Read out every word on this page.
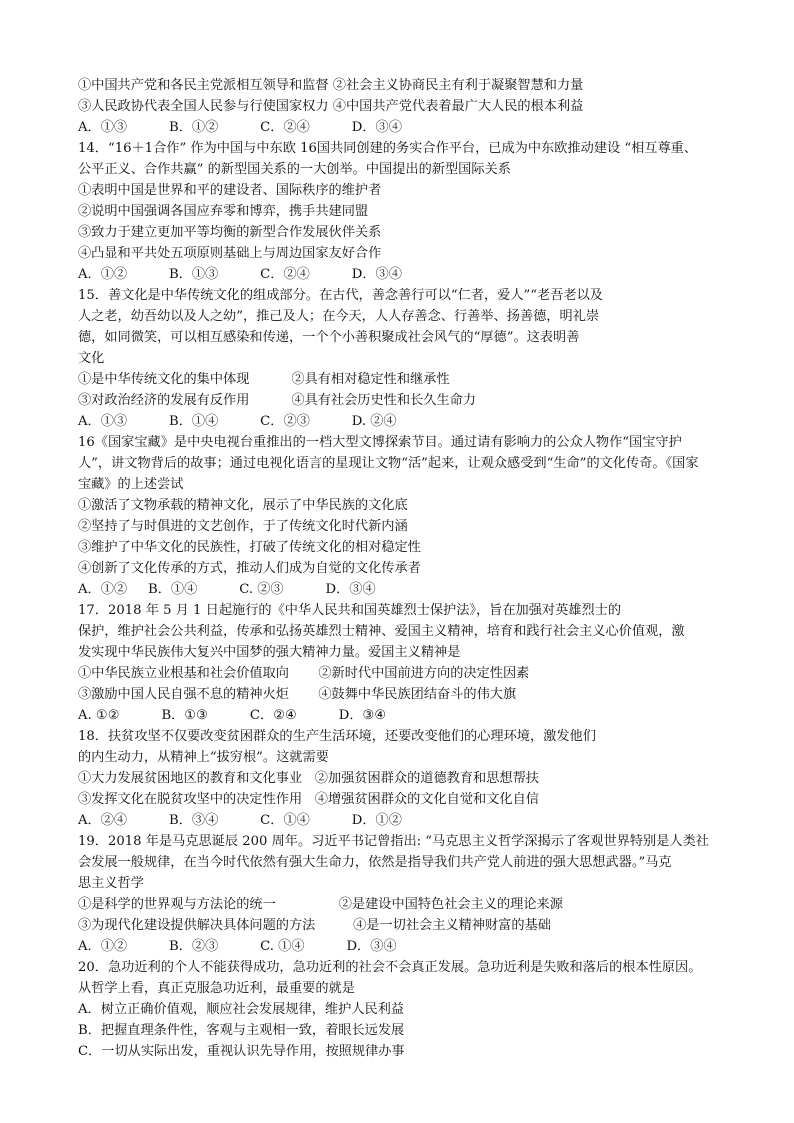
①中国共产党和各民主党派相互领导和监督 ②社会主义协商民主有利于凝聚智慧和力量
③人民政协代表全国人民参与行使国家权力 ④中国共产党代表着最广大人民的根本利益
A．①③          B．①②          C．②④          D．③④
14．“16＋1合作” 作为中国与中东欧 16国共同创建的务实合作平台，已成为中东欧推动建设 “相互尊重、
公平正义、合作共赢” 的新型国关系的一大创举。中国提出的新型国际关系
①表明中国是世界和平的建设者、国际秩序的维护者
②说明中国强调各国应弃零和博弈，携手共建同盟
③致力于建立更加平等均衡的新型合作发展伙伴关系
④凸显和平共处五项原则基础上与周边国家友好合作
A．①②          B．①③          C．②④          D．③④
15．善文化是中华传统文化的组成部分。在古代，善念善行可以“仁者，爱人”“老吾老以及
人之老，幼吾幼以及人之幼”，推己及人；在今天，人人存善念、行善举、扬善德，明礼崇
德，如同微笑，可以相互感染和传递，一个个小善积聚成社会风气的“厚德”。这表明善
文化
①是中华传统文化的集中体现          ②具有相对稳定性和继承性
③对政治经济的发展有反作用          ④具有社会历史性和长久生命力
A．①③          B．①④          C．②③          D. ②④
16《国家宝藏》是中央电视台重推出的一档大型文博探索节目。通过请有影响力的公众人物作“国宝守护
人”，讲文物背后的故事；通过电视化语言的星现让文物“活”起来，让观众感受到“生命”的文化传奇。《国家
宝藏》的上述尝试
①激活了文物承载的精神文化，展示了中华民族的文化底
②坚持了与时俱进的文艺创作，于了传统文化时代新内涵
③维护了中华文化的民族性，打破了传统文化的相对稳定性
④创新了文化传承的方式，推动人们成为自觉的文化传承者
A．①②     B．①④          C. ②③          D．③④
17．2018 年 5 月 1 日起施行的《中华人民共和国英雄烈士保护法》，旨在加强对英雄烈士的
保护，维护社会公共利益，传承和弘扬英雄烈士精神、爱国主义精神，培育和践行社会主义心价值观，激
发实现中华民族伟大复兴中国梦的强大精神力量。爱国主义精神是
①中华民族立业根基和社会价值取向       ②新时代中国前进方向的决定性因素
③激励中国人民自强不息的精神火炬       ④鼓舞中华民族团结奋斗的伟大旗
A. ①②          B．①③          C．②④          D．③④
18．扶贫攻坚不仅要改变贫困群众的生产生活环境，还要改变他们的心理环境，激发他们
的内生动力，从精神上“拔穷根”。这就需要
①大力发展贫困地区的教育和文化事业   ②加强贫困群众的道德教育和思想帮扶
③发挥文化在脱贫攻坚中的决定性作用   ④增强贫困群众的文化自觉和文化自信
A．②④          B．③④          C．①④          D．①②
19．2018 年是马克思诞辰 200 周年。习近平书记曾指出: “马克思主义哲学深揭示了客观世界特别是人类社
会发展一般规律，在当今时代依然有强大生命力，依然是指导我们共产党人前进的强大思想武器。”马克
思主义哲学
①是科学的世界观与方法论的统一               ②是建设中国特色社会主义的理论来源
③为现代化建设提供解决具体问题的方法         ④是一切社会主义精神财富的基础
A．①②          B．②③          C. ①④          D．③④
20．急功近利的个人不能获得成功，急功近利的社会不会真正发展。急功近利是失败和落后的根本性原因。
从哲学上看，真正克服急功近利，最重要的就是
A．树立正确价值观，顺应社会发展规律，维护人民利益
B．把握直理条件性，客观与主观相一致，着眼长远发展
C．一切从实际出发，重视认识先导作用，按照规律办事
